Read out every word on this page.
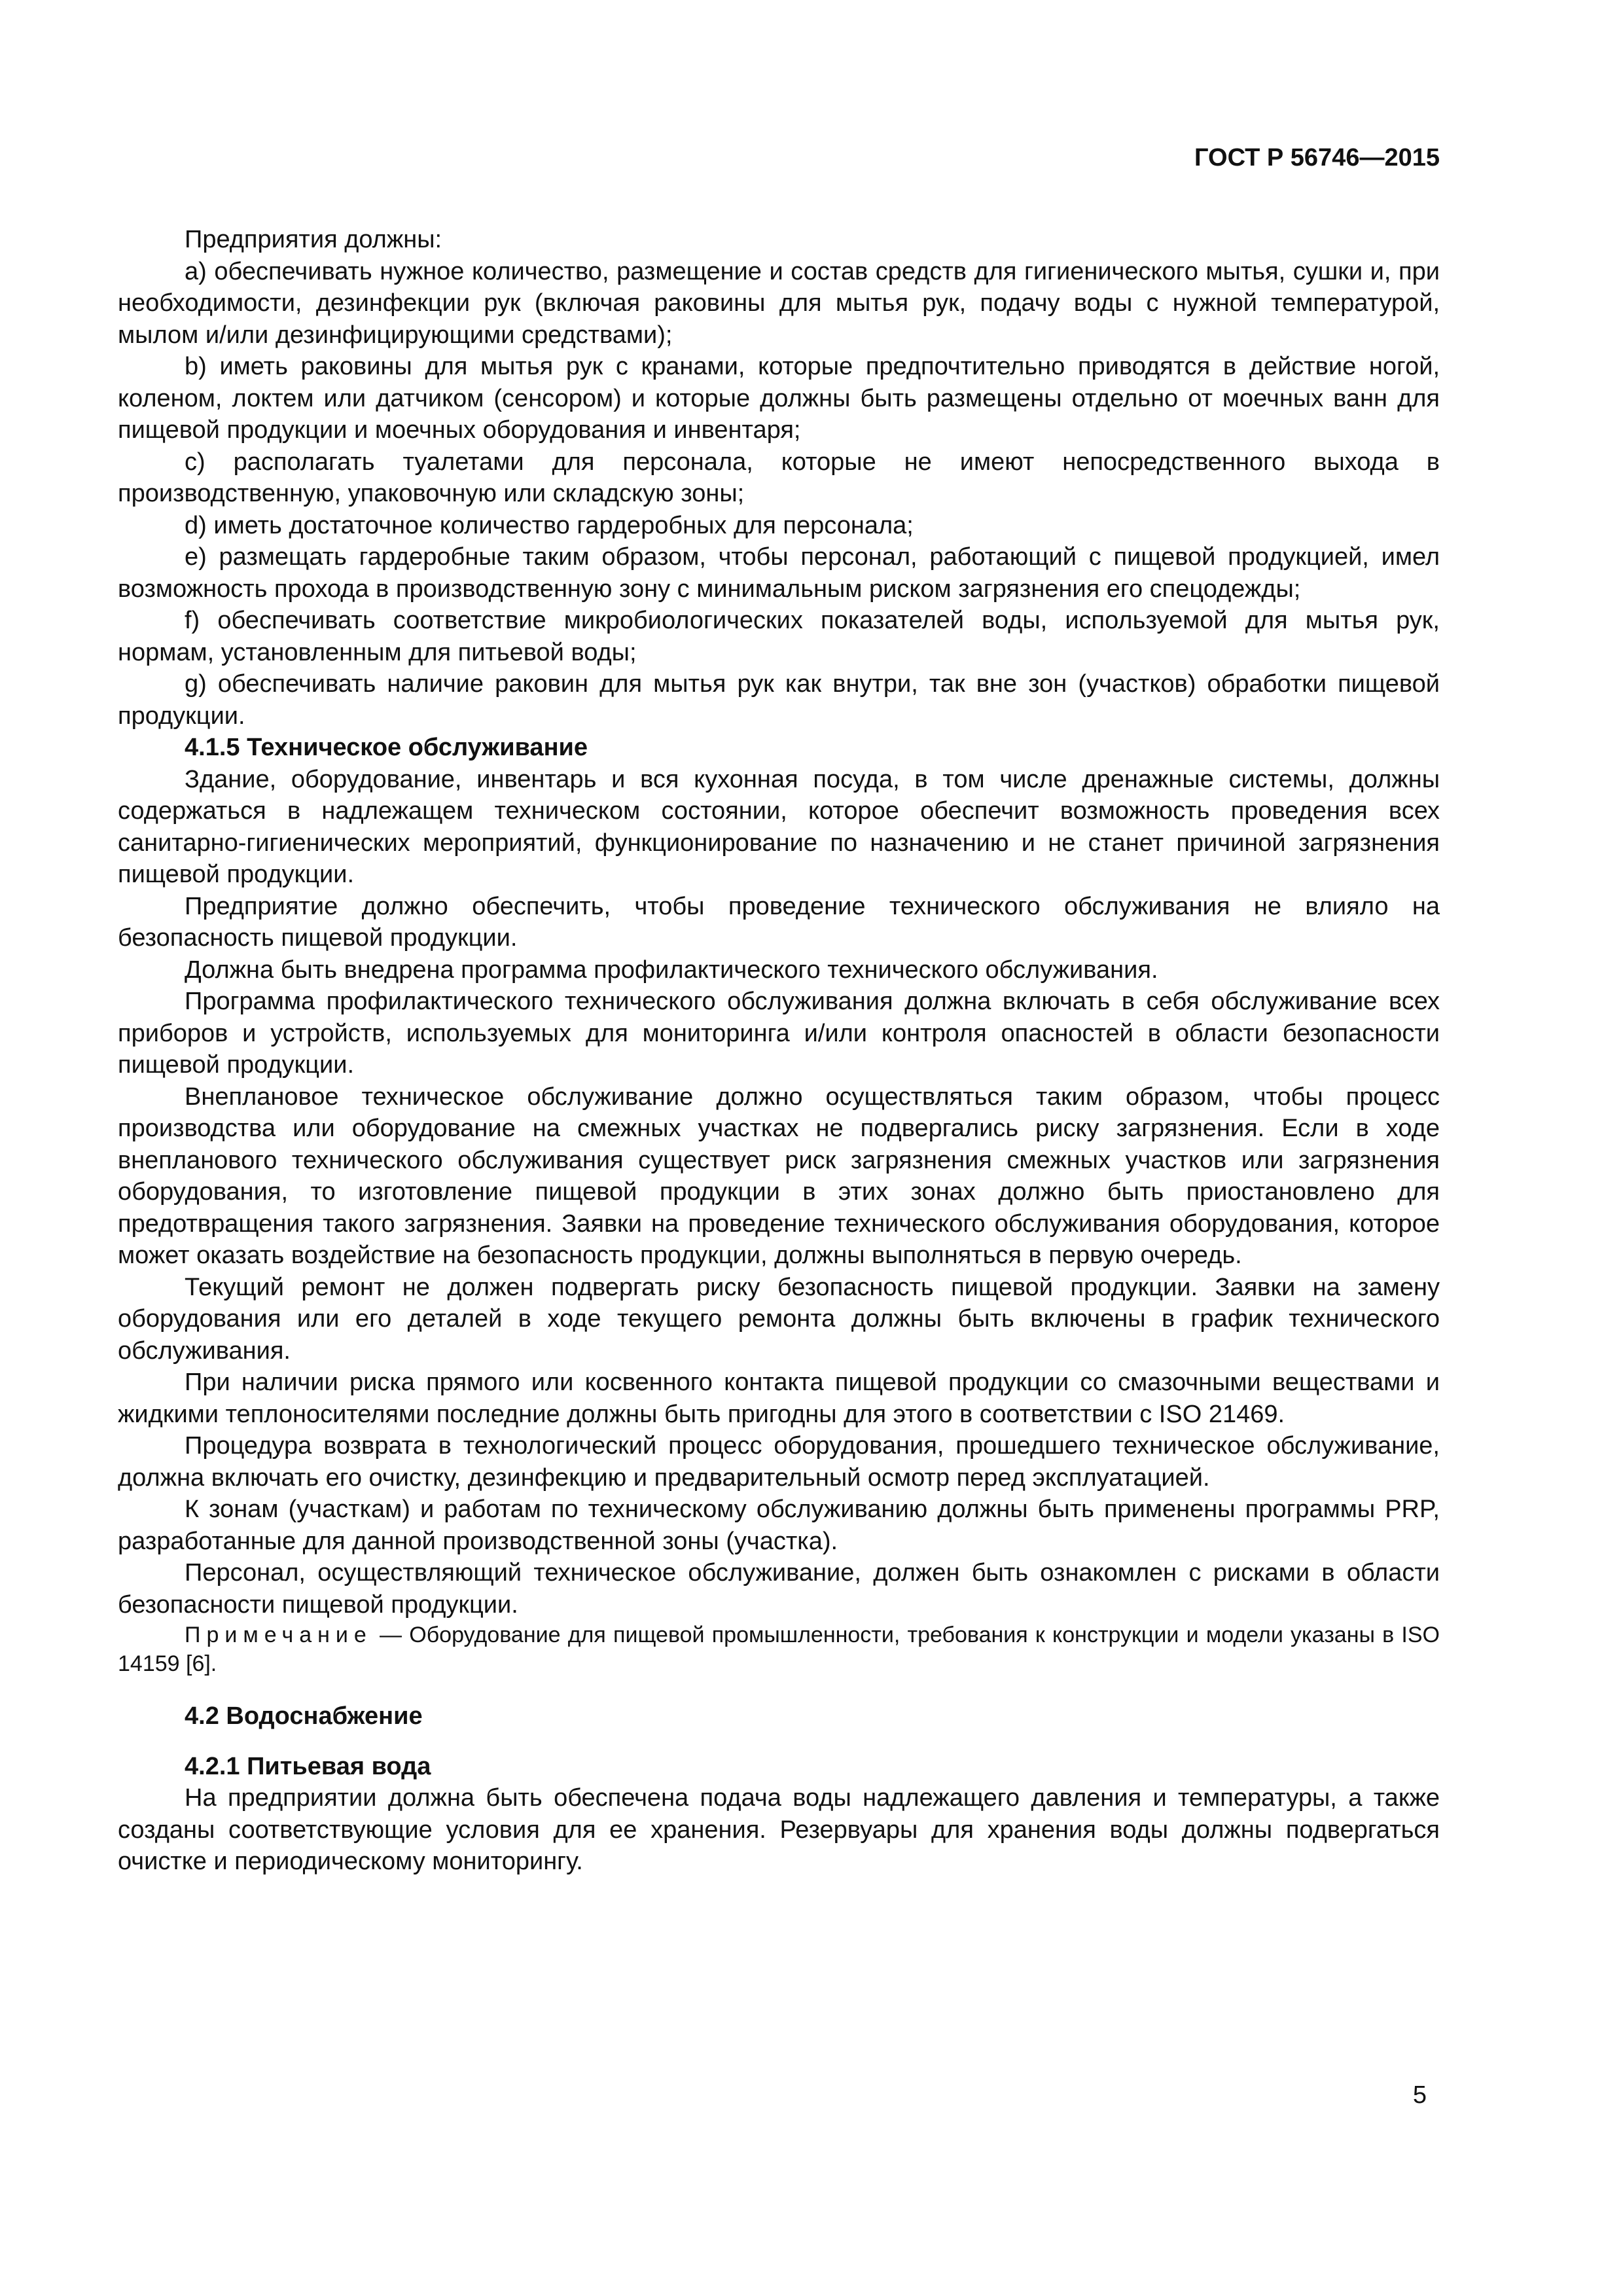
ГОСТ Р 56746—2015

Предприятия должны:

a) обеспечивать нужное количество, размещение и состав средств для гигиенического мытья, сушки и, при необходимости, дезинфекции рук (включая раковины для мытья рук, подачу воды с нужной температурой, мылом и/или дезинфицирующими средствами);

b) иметь раковины для мытья рук с кранами, которые предпочтительно приводятся в действие ногой, коленом, локтем или датчиком (сенсором) и которые должны быть размещены отдельно от моечных ванн для пищевой продукции и моечных оборудования и инвентаря;

c) располагать туалетами для персонала, которые не имеют непосредственного выхода в производственную, упаковочную или складскую зоны;

d) иметь достаточное количество гардеробных для персонала;

e) размещать гардеробные таким образом, чтобы персонал, работающий с пищевой продукцией, имел возможность прохода в производственную зону с минимальным риском загрязнения его спецодежды;

f) обеспечивать соответствие микробиологических показателей воды, используемой для мытья рук, нормам, установленным для питьевой воды;

g) обеспечивать наличие раковин для мытья рук как внутри, так вне зон (участков) обработки пищевой продукции.

4.1.5 Техническое обслуживание

Здание, оборудование, инвентарь и вся кухонная посуда, в том числе дренажные системы, должны содержаться в надлежащем техническом состоянии, которое обеспечит возможность проведения всех санитарно-гигиенических мероприятий, функционирование по назначению и не станет причиной загрязнения пищевой продукции.

Предприятие должно обеспечить, чтобы проведение технического обслуживания не влияло на безопасность пищевой продукции.

Должна быть внедрена программа профилактического технического обслуживания.

Программа профилактического технического обслуживания должна включать в себя обслуживание всех приборов и устройств, используемых для мониторинга и/или контроля опасностей в области безопасности пищевой продукции.

Внеплановое техническое обслуживание должно осуществляться таким образом, чтобы процесс производства или оборудование на смежных участках не подвергались риску загрязнения. Если в ходе внепланового технического обслуживания существует риск загрязнения смежных участков или загрязнения оборудования, то изготовление пищевой продукции в этих зонах должно быть приостановлено для предотвращения такого загрязнения. Заявки на проведение технического обслуживания оборудования, которое может оказать воздействие на безопасность продукции, должны выполняться в первую очередь.

Текущий ремонт не должен подвергать риску безопасность пищевой продукции. Заявки на замену оборудования или его деталей в ходе текущего ремонта должны быть включены в график технического обслуживания.

При наличии риска прямого или косвенного контакта пищевой продукции со смазочными веществами и жидкими теплоносителями последние должны быть пригодны для этого в соответствии с ISO 21469.

Процедура возврата в технологический процесс оборудования, прошедшего техническое обслуживание, должна включать его очистку, дезинфекцию и предварительный осмотр перед эксплуатацией.

К зонам (участкам) и работам по техническому обслуживанию должны быть применены программы PRP, разработанные для данной производственной зоны (участка).

Персонал, осуществляющий техническое обслуживание, должен быть ознакомлен с рисками в области безопасности пищевой продукции.

Примечание — Оборудование для пищевой промышленности, требования к конструкции и модели указаны в ISO 14159 [6].

4.2 Водоснабжение
4.2.1 Питьевая вода

На предприятии должна быть обеспечена подача воды надлежащего давления и температуры, а также созданы соответствующие условия для ее хранения. Резервуары для хранения воды должны подвергаться очистке и периодическому мониторингу.

5
